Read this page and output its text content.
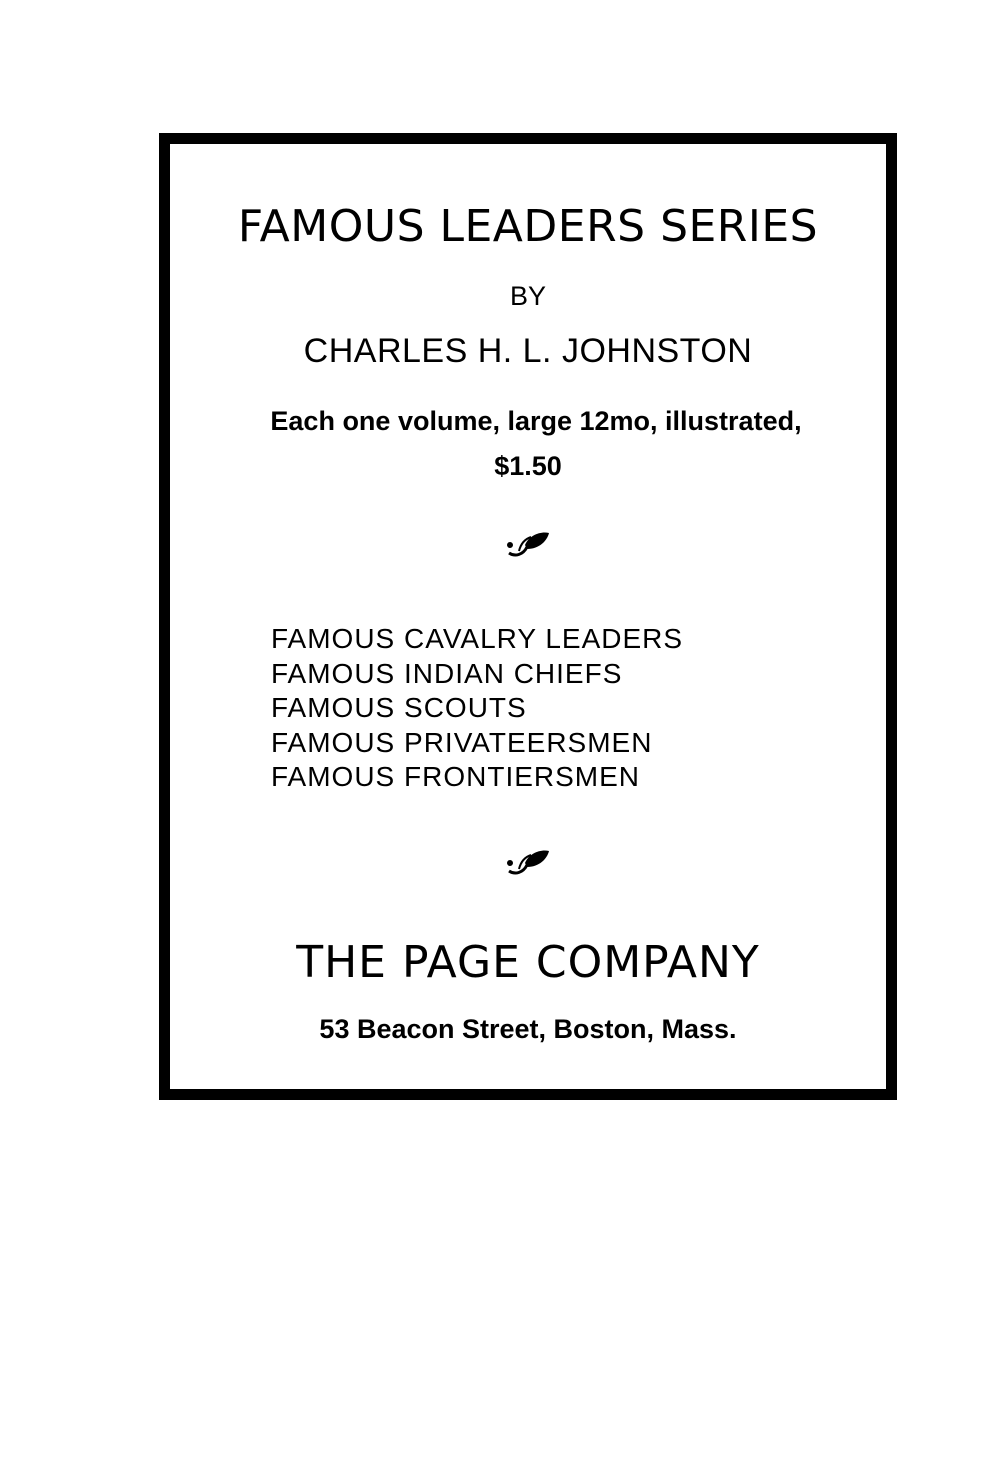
FAMOUS LEADERS SERIES
BY
CHARLES H. L. JOHNSTON
Each one volume, large 12mo, illustrated,
$1.50
FAMOUS CAVALRY LEADERS
FAMOUS INDIAN CHIEFS
FAMOUS SCOUTS
FAMOUS PRIVATEERSMEN
FAMOUS FRONTIERSMEN
THE PAGE COMPANY
53 Beacon Street, Boston, Mass.
